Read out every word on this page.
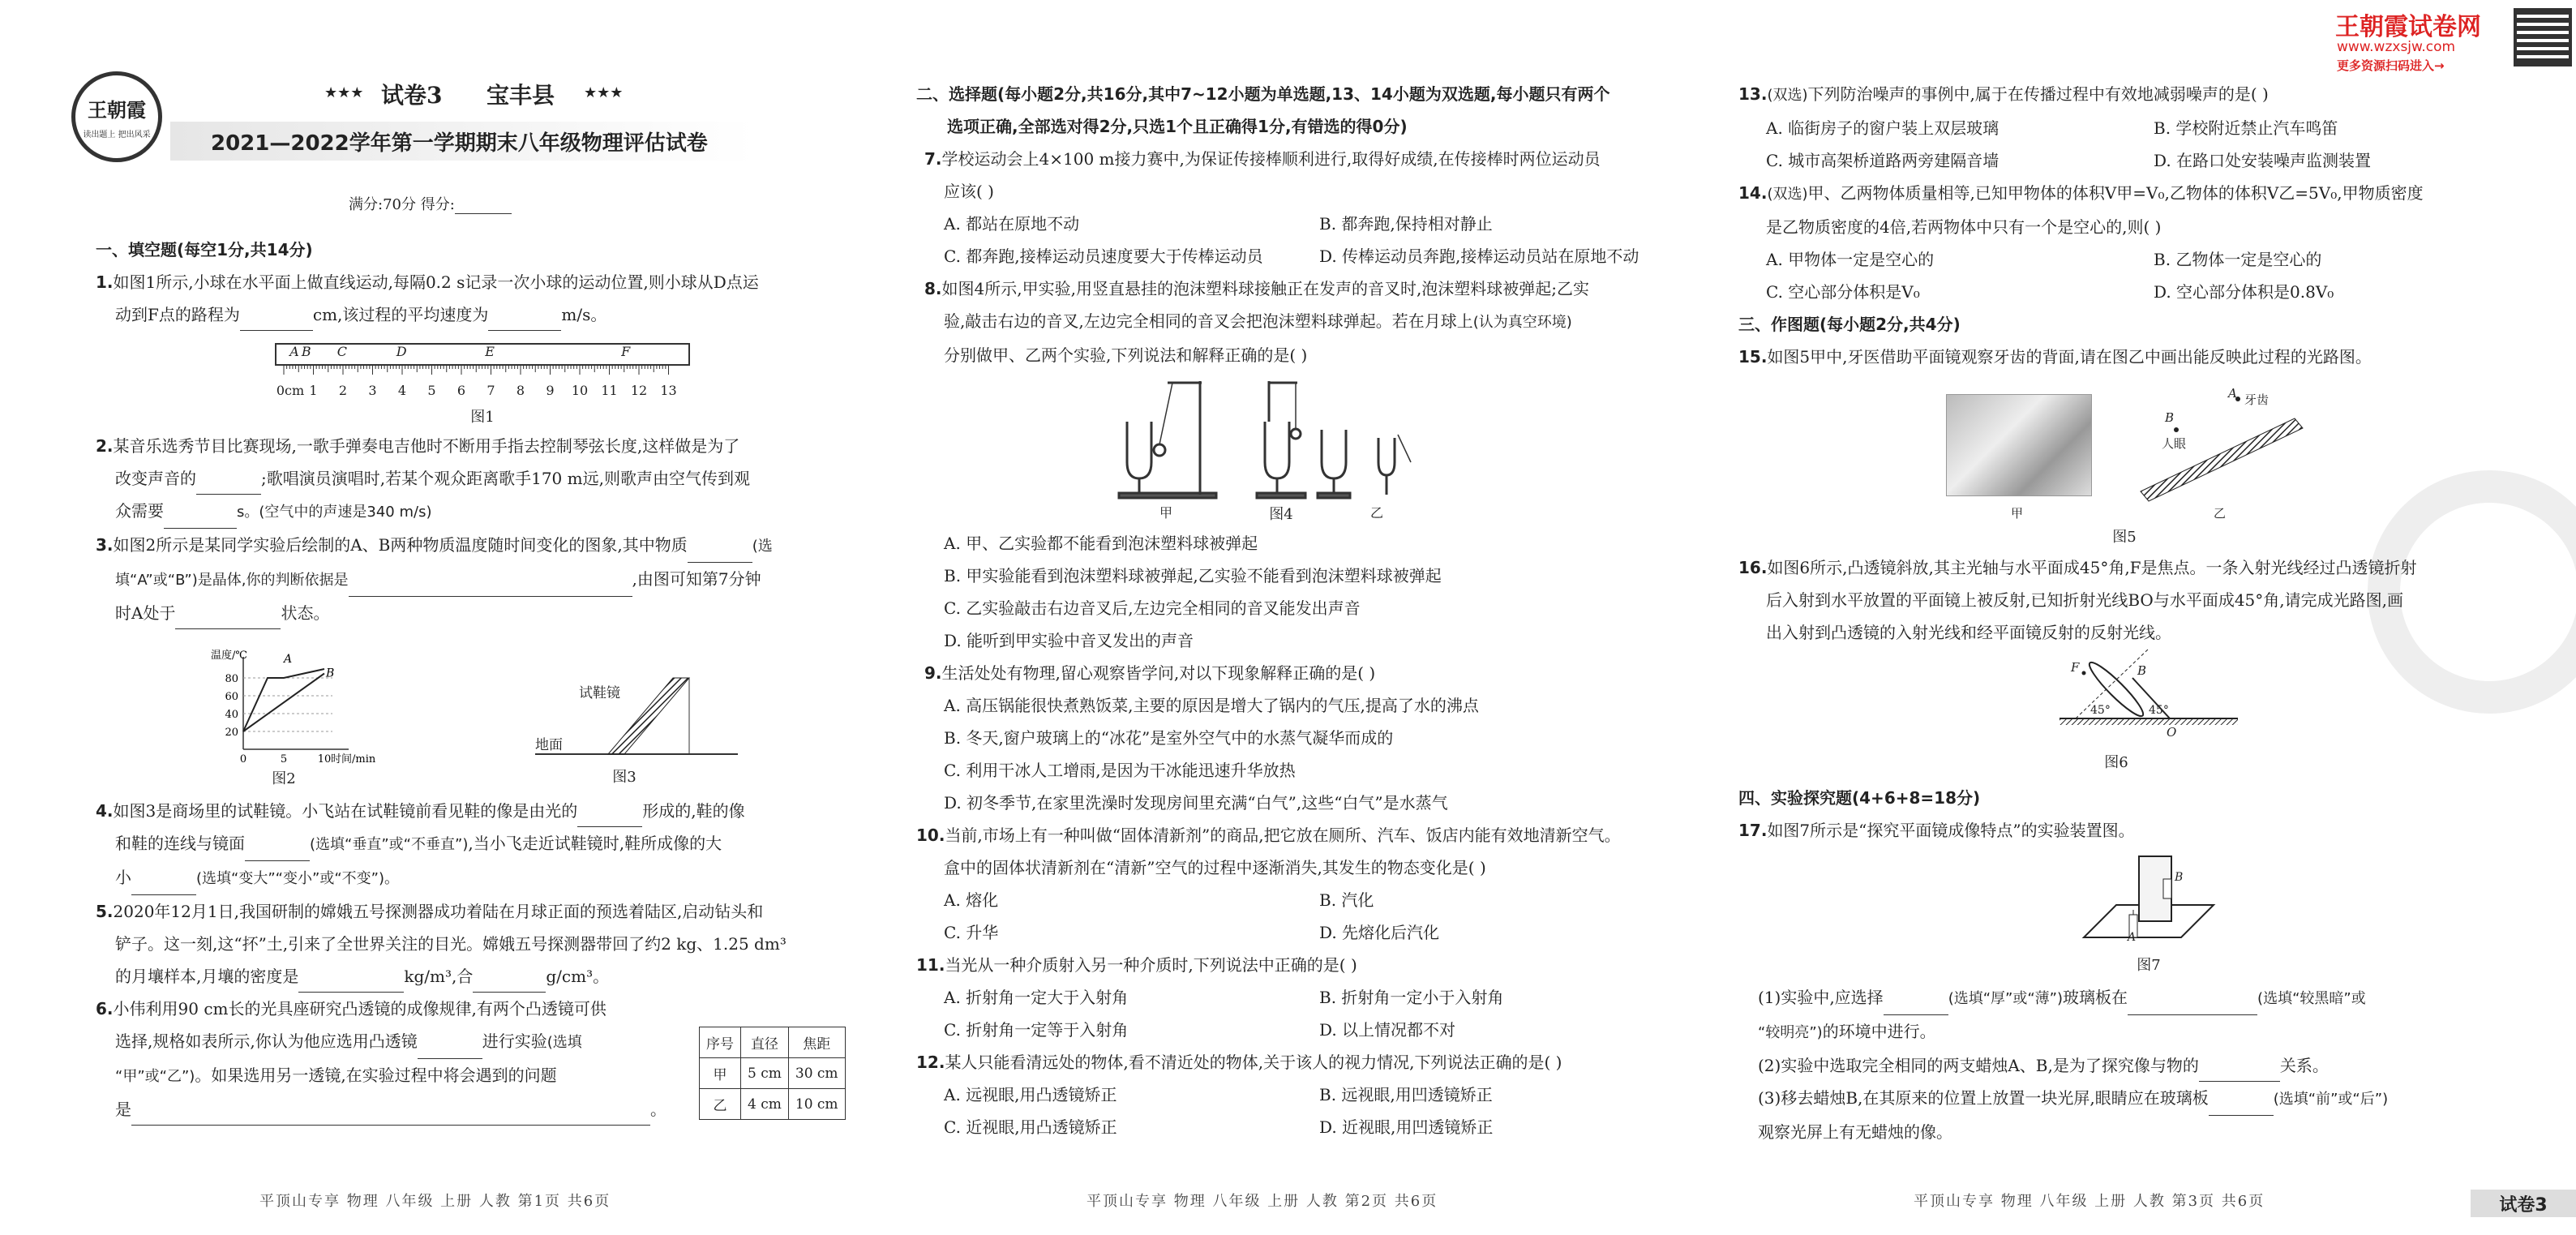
王朝霞
读出题上 把出风采
★★★ 试卷3 宝丰县 ★★★
2021—2022学年第一学期期末八年级物理评估试卷
满分:70分 得分:

一、填空题(每空1分,共14分)

1.如图1所示,小球在水平面上做直线运动,每隔0.2 s记录一次小球的运动位置,则小球从D点运

动到F点的路程为	cm,该过程的平均速度为	m/s。

0cm 1 2 3 4 5 6 7 8 9 10 11 12 13
A B C	D	E	F
图1

2.某音乐选秀节目比赛现场,一歌手弹奏电吉他时不断用手指去控制琴弦长度,这样做是为了

改变声音的	;歌唱演员演唱时,若某个观众距离歌手170 m远,则歌声由空气传到观

众需要	s。(空气中的声速是340 m/s)

3.如图2所示是某同学实验后绘制的A、B两种物质温度随时间变化的图象,其中物质	(选

填“A”或“B”)是晶体,你的判断依据是	,由图可知第7分钟

时A处于	状态。

20
40
60
80
0	5	10
温度/℃
时间/min
A
B
图2
试鞋镜
地面
图3

4.如图3是商场里的试鞋镜。小飞站在试鞋镜前看见鞋的像是由光的	形成的,鞋的像

和鞋的连线与镜面	(选填“垂直”或“不垂直”),当小飞走近试鞋镜时,鞋所成像的大

小	(选填“变大”“变小”或“不变”)。

5.2020年12月1日,我国研制的嫦娥五号探测器成功着陆在月球正面的预选着陆区,启动钻头和

铲子。这一刻,这“抔”土,引来了全世界关注的目光。嫦娥五号探测器带回了约2 kg、1.25 dm³

的月壤样本,月壤的密度是	kg/m³,合	g/cm³。

6.小伟利用90 cm长的光具座研究凸透镜的成像规律,有两个凸透镜可供

选择,规格如表所示,你认为他应选用凸透镜	进行实验(选填

“甲”或“乙”)。如果选用另一透镜,在实验过程中将会遇到的问题

是	。

序号	直径	焦距
甲	5 cm	30 cm
乙	4 cm	10 cm
平顶山专享 物理 八年级 上册 人教 第1页 共6页

二、选择题(每小题2分,共16分,其中7~12小题为单选题,13、14小题为双选题,每小题只有两个

选项正确,全部选对得2分,只选1个且正确得1分,有错选的得0分)

7.学校运动会上4×100 m接力赛中,为保证传接棒顺利进行,取得好成绩,在传接棒时两位运动员

应该( )

A. 都站在原地不动	B. 都奔跑,保持相对静止
C. 都奔跑,接棒运动员速度要大于传棒运动员	D. 传棒运动员奔跑,接棒运动员站在原地不动

8.如图4所示,甲实验,用竖直悬挂的泡沫塑料球接触正在发声的音叉时,泡沫塑料球被弹起;乙实

验,敲击右边的音叉,左边完全相同的音叉会把泡沫塑料球弹起。若在月球上(认为真空环境)

分别做甲、乙两个实验,下列说法和解释正确的是( )

甲	乙
图4
A. 甲、乙实验都不能看到泡沫塑料球被弹起
B. 甲实验能看到泡沫塑料球被弹起,乙实验不能看到泡沫塑料球被弹起
C. 乙实验敲击右边音叉后,左边完全相同的音叉能发出声音
D. 能听到甲实验中音叉发出的声音

9.生活处处有物理,留心观察皆学问,对以下现象解释正确的是( )

A. 高压锅能很快煮熟饭菜,主要的原因是增大了锅内的气压,提高了水的沸点
B. 冬天,窗户玻璃上的“冰花”是室外空气中的水蒸气凝华而成的
C. 利用干冰人工增雨,是因为干冰能迅速升华放热
D. 初冬季节,在家里洗澡时发现房间里充满“白气”,这些“白气”是水蒸气

10.当前,市场上有一种叫做“固体清新剂”的商品,把它放在厕所、汽车、饭店内能有效地清新空气。

盒中的固体状清新剂在“清新”空气的过程中逐渐消失,其发生的物态变化是( )

A. 熔化	B. 汽化
C. 升华	D. 先熔化后汽化

11.当光从一种介质射入另一种介质时,下列说法中正确的是( )

A. 折射角一定大于入射角	B. 折射角一定小于入射角
C. 折射角一定等于入射角	D. 以上情况都不对

12.某人只能看清远处的物体,看不清近处的物体,关于该人的视力情况,下列说法正确的是( )

A. 远视眼,用凸透镜矫正	B. 远视眼,用凹透镜矫正
C. 近视眼,用凸透镜矫正	D. 近视眼,用凹透镜矫正
平顶山专享 物理 八年级 上册 人教 第2页 共6页
王朝霞试卷网
www.wzxsjw.com
更多资源扫码进入→

13.(双选)下列防治噪声的事例中,属于在传播过程中有效地减弱噪声的是( )

A. 临街房子的窗户装上双层玻璃	B. 学校附近禁止汽车鸣笛
C. 城市高架桥道路两旁建隔音墙	D. 在路口处安装噪声监测装置

14.(双选)甲、乙两物体质量相等,已知甲物体的体积V甲=V₀,乙物体的体积V乙=5V₀,甲物质密度

是乙物质密度的4倍,若两物体中只有一个是空心的,则( )

A. 甲物体一定是空心的	B. 乙物体一定是空心的
C. 空心部分体积是V₀	D. 空心部分体积是0.8V₀

三、作图题(每小题2分,共4分)

15.如图5甲中,牙医借助平面镜观察牙齿的背面,请在图乙中画出能反映此过程的光路图。

A 牙齿
B
人眼
甲	乙
图5

16.如图6所示,凸透镜斜放,其主光轴与水平面成45°角,F是焦点。一条入射光线经过凸透镜折射

后入射到水平放置的平面镜上被反射,已知折射光线BO与水平面成45°角,请完成光路图,画

出入射到凸透镜的入射光线和经平面镜反射的反射光线。

F	B
45°	45°
O
图6

四、实验探究题(4+6+8=18分)

17.如图7所示是“探究平面镜成像特点”的实验装置图。

A
B
图7

(1)实验中,应选择	(选填“厚”或“薄”)玻璃板在	(选填“较黑暗”或

“较明亮”)的环境中进行。

(2)实验中选取完全相同的两支蜡烛A、B,是为了探究像与物的	关系。

(3)移去蜡烛B,在其原来的位置上放置一块光屏,眼睛应在玻璃板	(选填“前”或“后”)

观察光屏上有无蜡烛的像。

平顶山专享 物理 八年级 上册 人教 第3页 共6页	试卷3
